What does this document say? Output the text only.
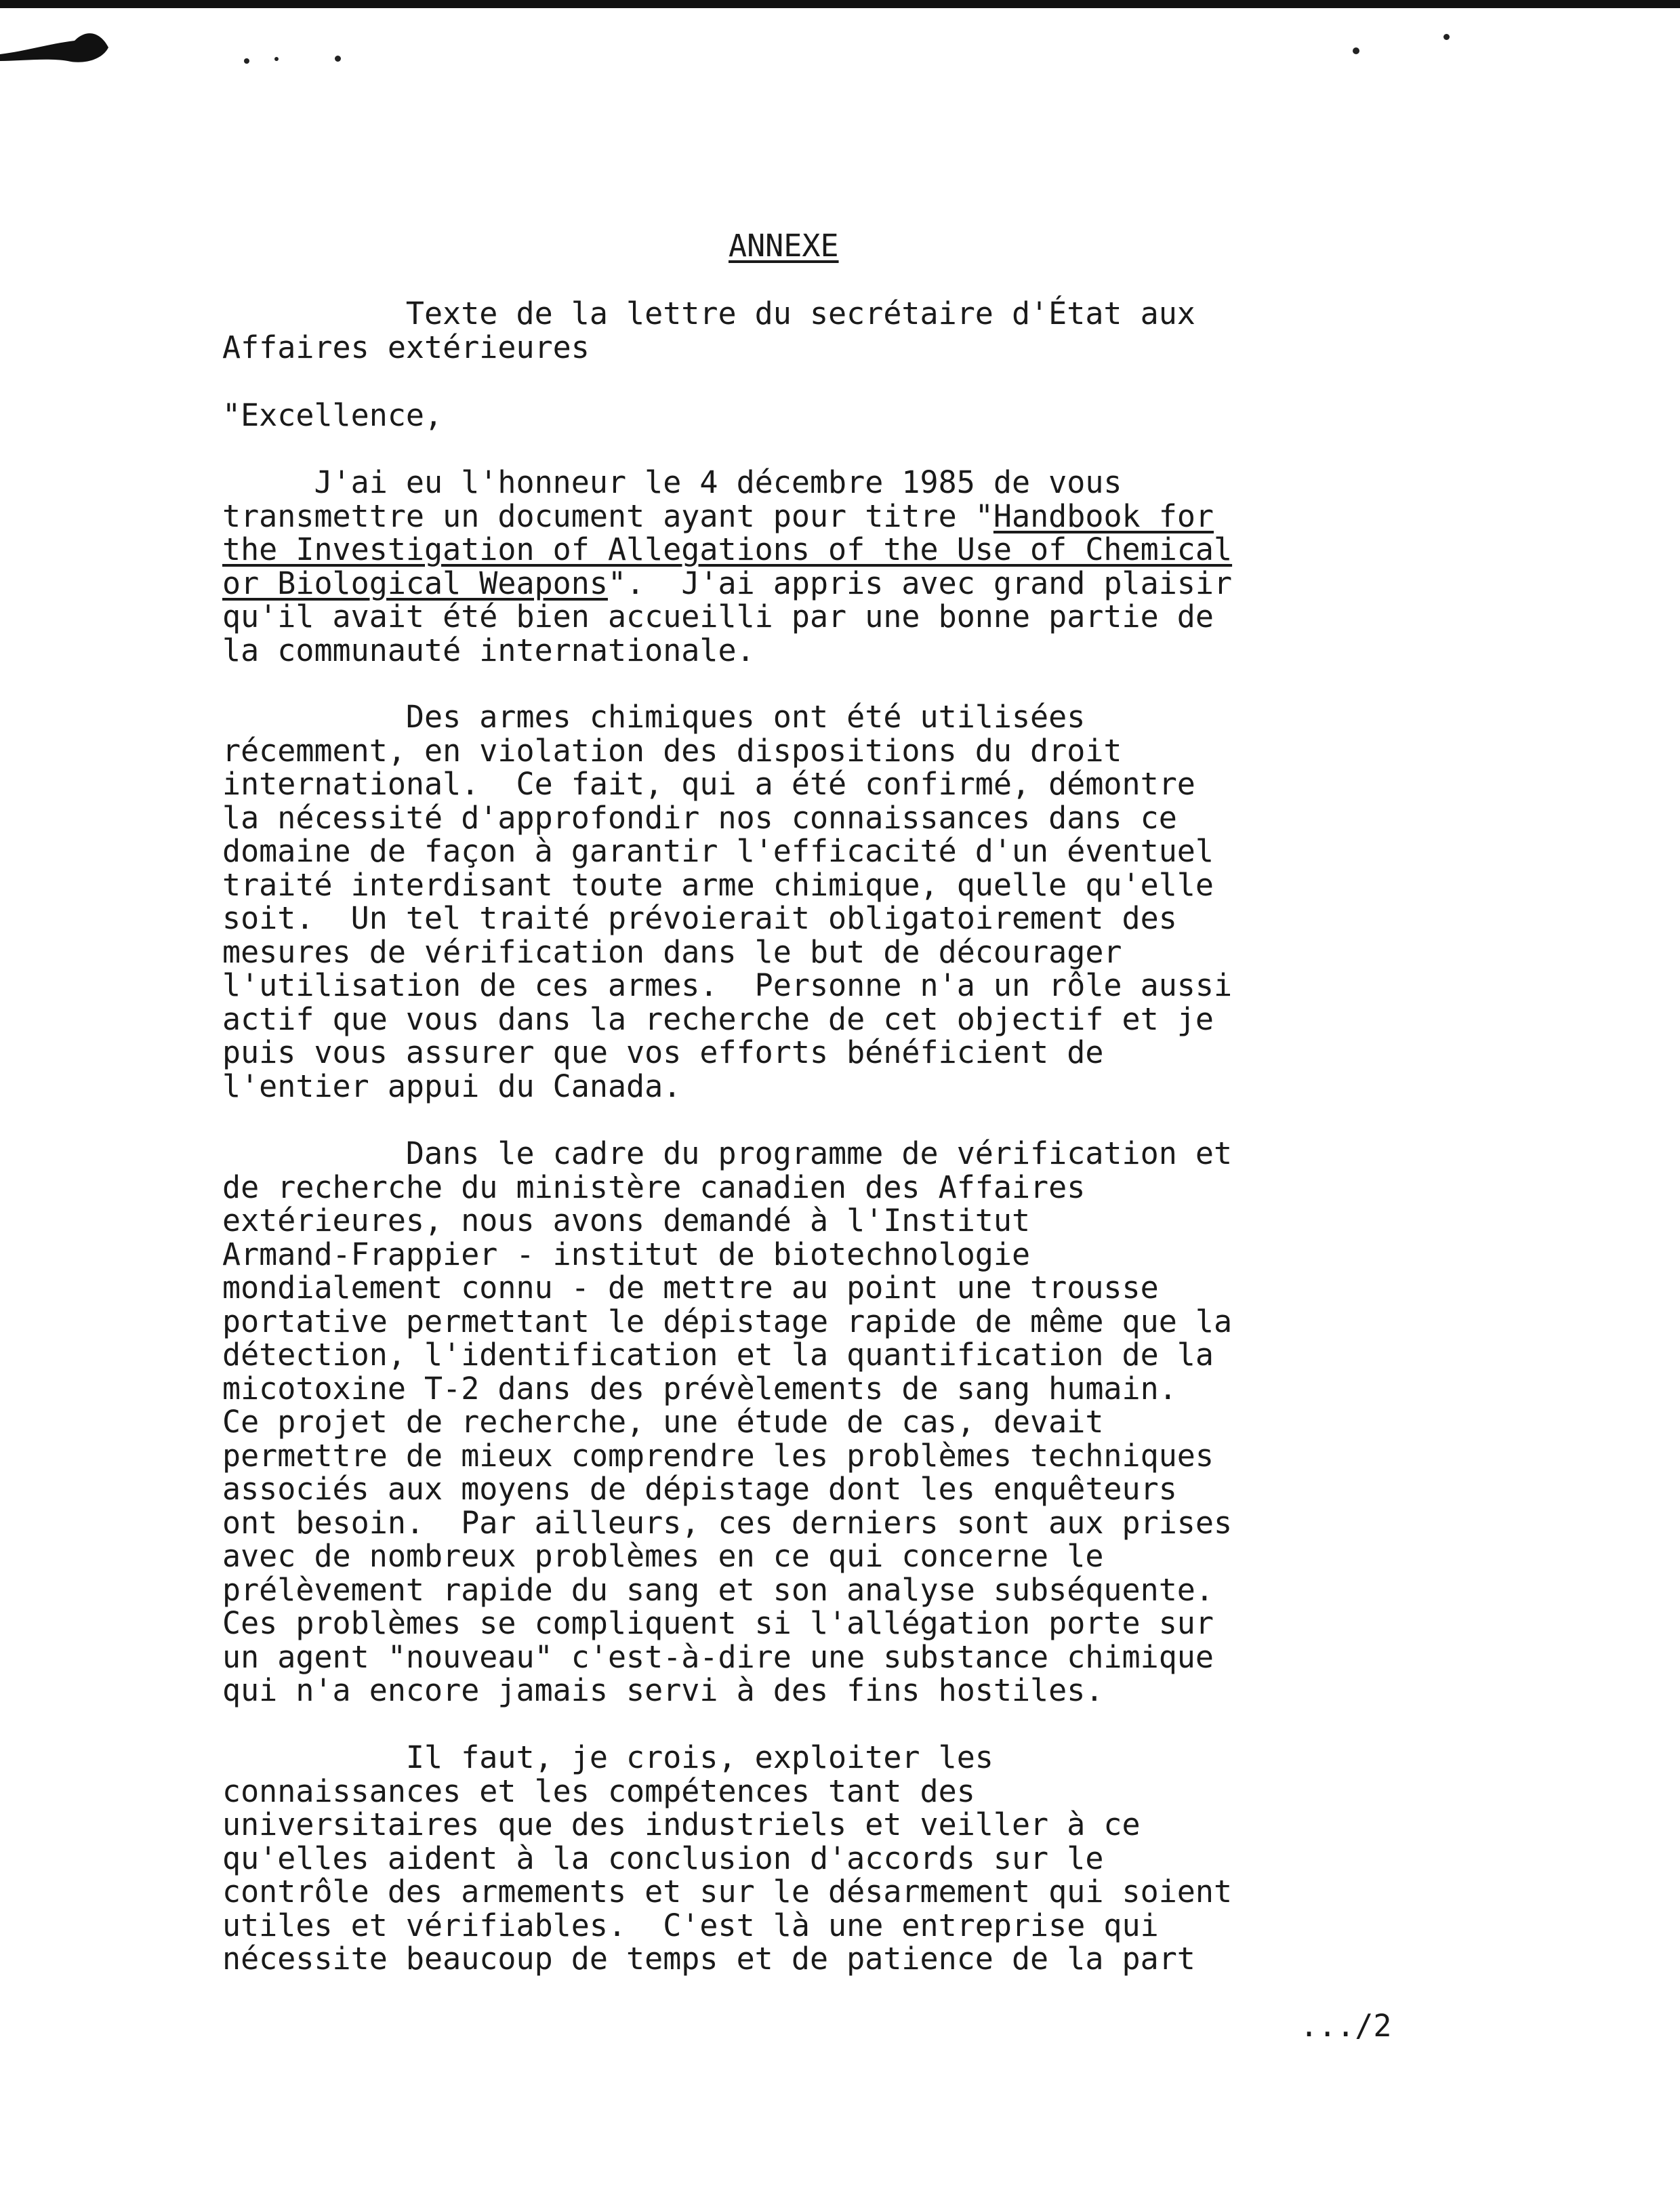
ANNEXE
Texte de la lettre du secrétaire d'État aux
Affaires extérieures
"Excellence,
J'ai eu l'honneur le 4 décembre 1985 de vous
transmettre un document ayant pour titre "Handbook for
the Investigation of Allegations of the Use of Chemical
or Biological Weapons".  J'ai appris avec grand plaisir
qu'il avait été bien accueilli par une bonne partie de
la communauté internationale.
Des armes chimiques ont été utilisées
récemment, en violation des dispositions du droit
international.  Ce fait, qui a été confirmé, démontre
la nécessité d'approfondir nos connaissances dans ce
domaine de façon à garantir l'efficacité d'un éventuel
traité interdisant toute arme chimique, quelle qu'elle
soit.  Un tel traité prévoierait obligatoirement des
mesures de vérification dans le but de décourager
l'utilisation de ces armes.  Personne n'a un rôle aussi
actif que vous dans la recherche de cet objectif et je
puis vous assurer que vos efforts bénéficient de
l'entier appui du Canada.
Dans le cadre du programme de vérification et
de recherche du ministère canadien des Affaires
extérieures, nous avons demandé à l'Institut
Armand-Frappier - institut de biotechnologie
mondialement connu - de mettre au point une trousse
portative permettant le dépistage rapide de même que la
détection, l'identification et la quantification de la
micotoxine T-2 dans des prévèlements de sang humain.
Ce projet de recherche, une étude de cas, devait
permettre de mieux comprendre les problèmes techniques
associés aux moyens de dépistage dont les enquêteurs
ont besoin.  Par ailleurs, ces derniers sont aux prises
avec de nombreux problèmes en ce qui concerne le
prélèvement rapide du sang et son analyse subséquente.
Ces problèmes se compliquent si l'allégation porte sur
un agent "nouveau" c'est-à-dire une substance chimique
qui n'a encore jamais servi à des fins hostiles.
Il faut, je crois, exploiter les
connaissances et les compétences tant des
universitaires que des industriels et veiller à ce
qu'elles aident à la conclusion d'accords sur le
contrôle des armements et sur le désarmement qui soient
utiles et vérifiables.  C'est là une entreprise qui
nécessite beaucoup de temps et de patience de la part
.../2
